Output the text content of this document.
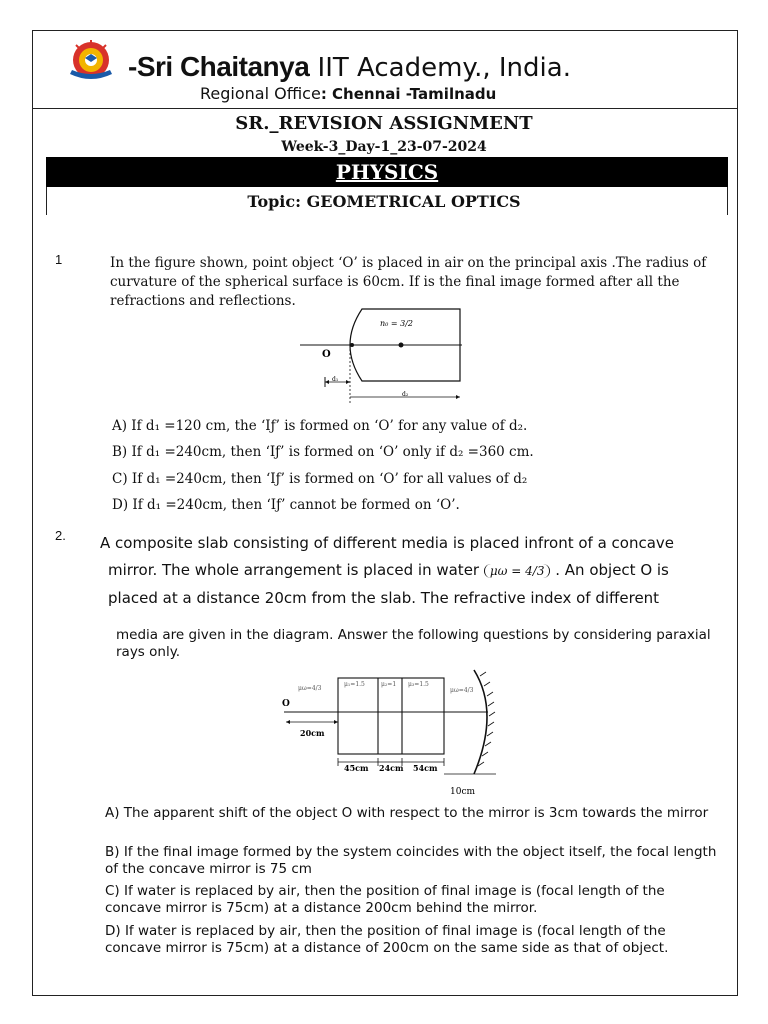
-Sri Chaitanya IIT Academy., India.
Regional Office: Chennai -Tamilnadu
SR._REVISION ASSIGNMENT
Week-3_Day-1_23-07-2024
PHYSICS
Topic: GEOMETRICAL OPTICS
1	In the figure shown, point object ‘O’ is placed in air on the principal axis .The radius of curvature of the spherical surface is 60cm. If is the final image formed after all the refractions and reflections.
n₀ = 3/2
O
d₁
d₂
A) If d₁ =120 cm, the ‘Iƒ’ is formed on ‘O’ for any value of d₂.
B) If d₁ =240cm, then ‘Iƒ’ is formed on ‘O’ only if d₂ =360 cm.
C) If d₁ =240cm, then ‘Iƒ’ is formed on ‘O’ for all values of d₂
D) If d₁ =240cm, then ‘Iƒ’ cannot be formed on ‘O’.
2. A composite slab consisting of different media is placed infront of a concave
mirror. The whole arrangement is placed in water μω = 4/3 . An object O is
placed at a distance 20cm from the slab. The refractive index of different
media are given in the diagram. Answer the following questions by considering paraxial rays only.
O
20cm
μω=4/3
μ₁=1.5	μ₂=1 μ₃=1.5
μω=4/3
45cm 24cm 54cm
10cm
A) The apparent shift of the object O with respect to the mirror is 3cm towards the mirror
B) If the final image formed by the system coincides with the object itself, the focal length of the concave mirror is 75 cm
C) If water is replaced by air, then the position of final image is (focal length of the concave mirror is 75cm) at a distance 200cm behind the mirror.
D) If water is replaced by air, then the position of final image is (focal length of the concave mirror is 75cm) at a distance of 200cm on the same side as that of object.
